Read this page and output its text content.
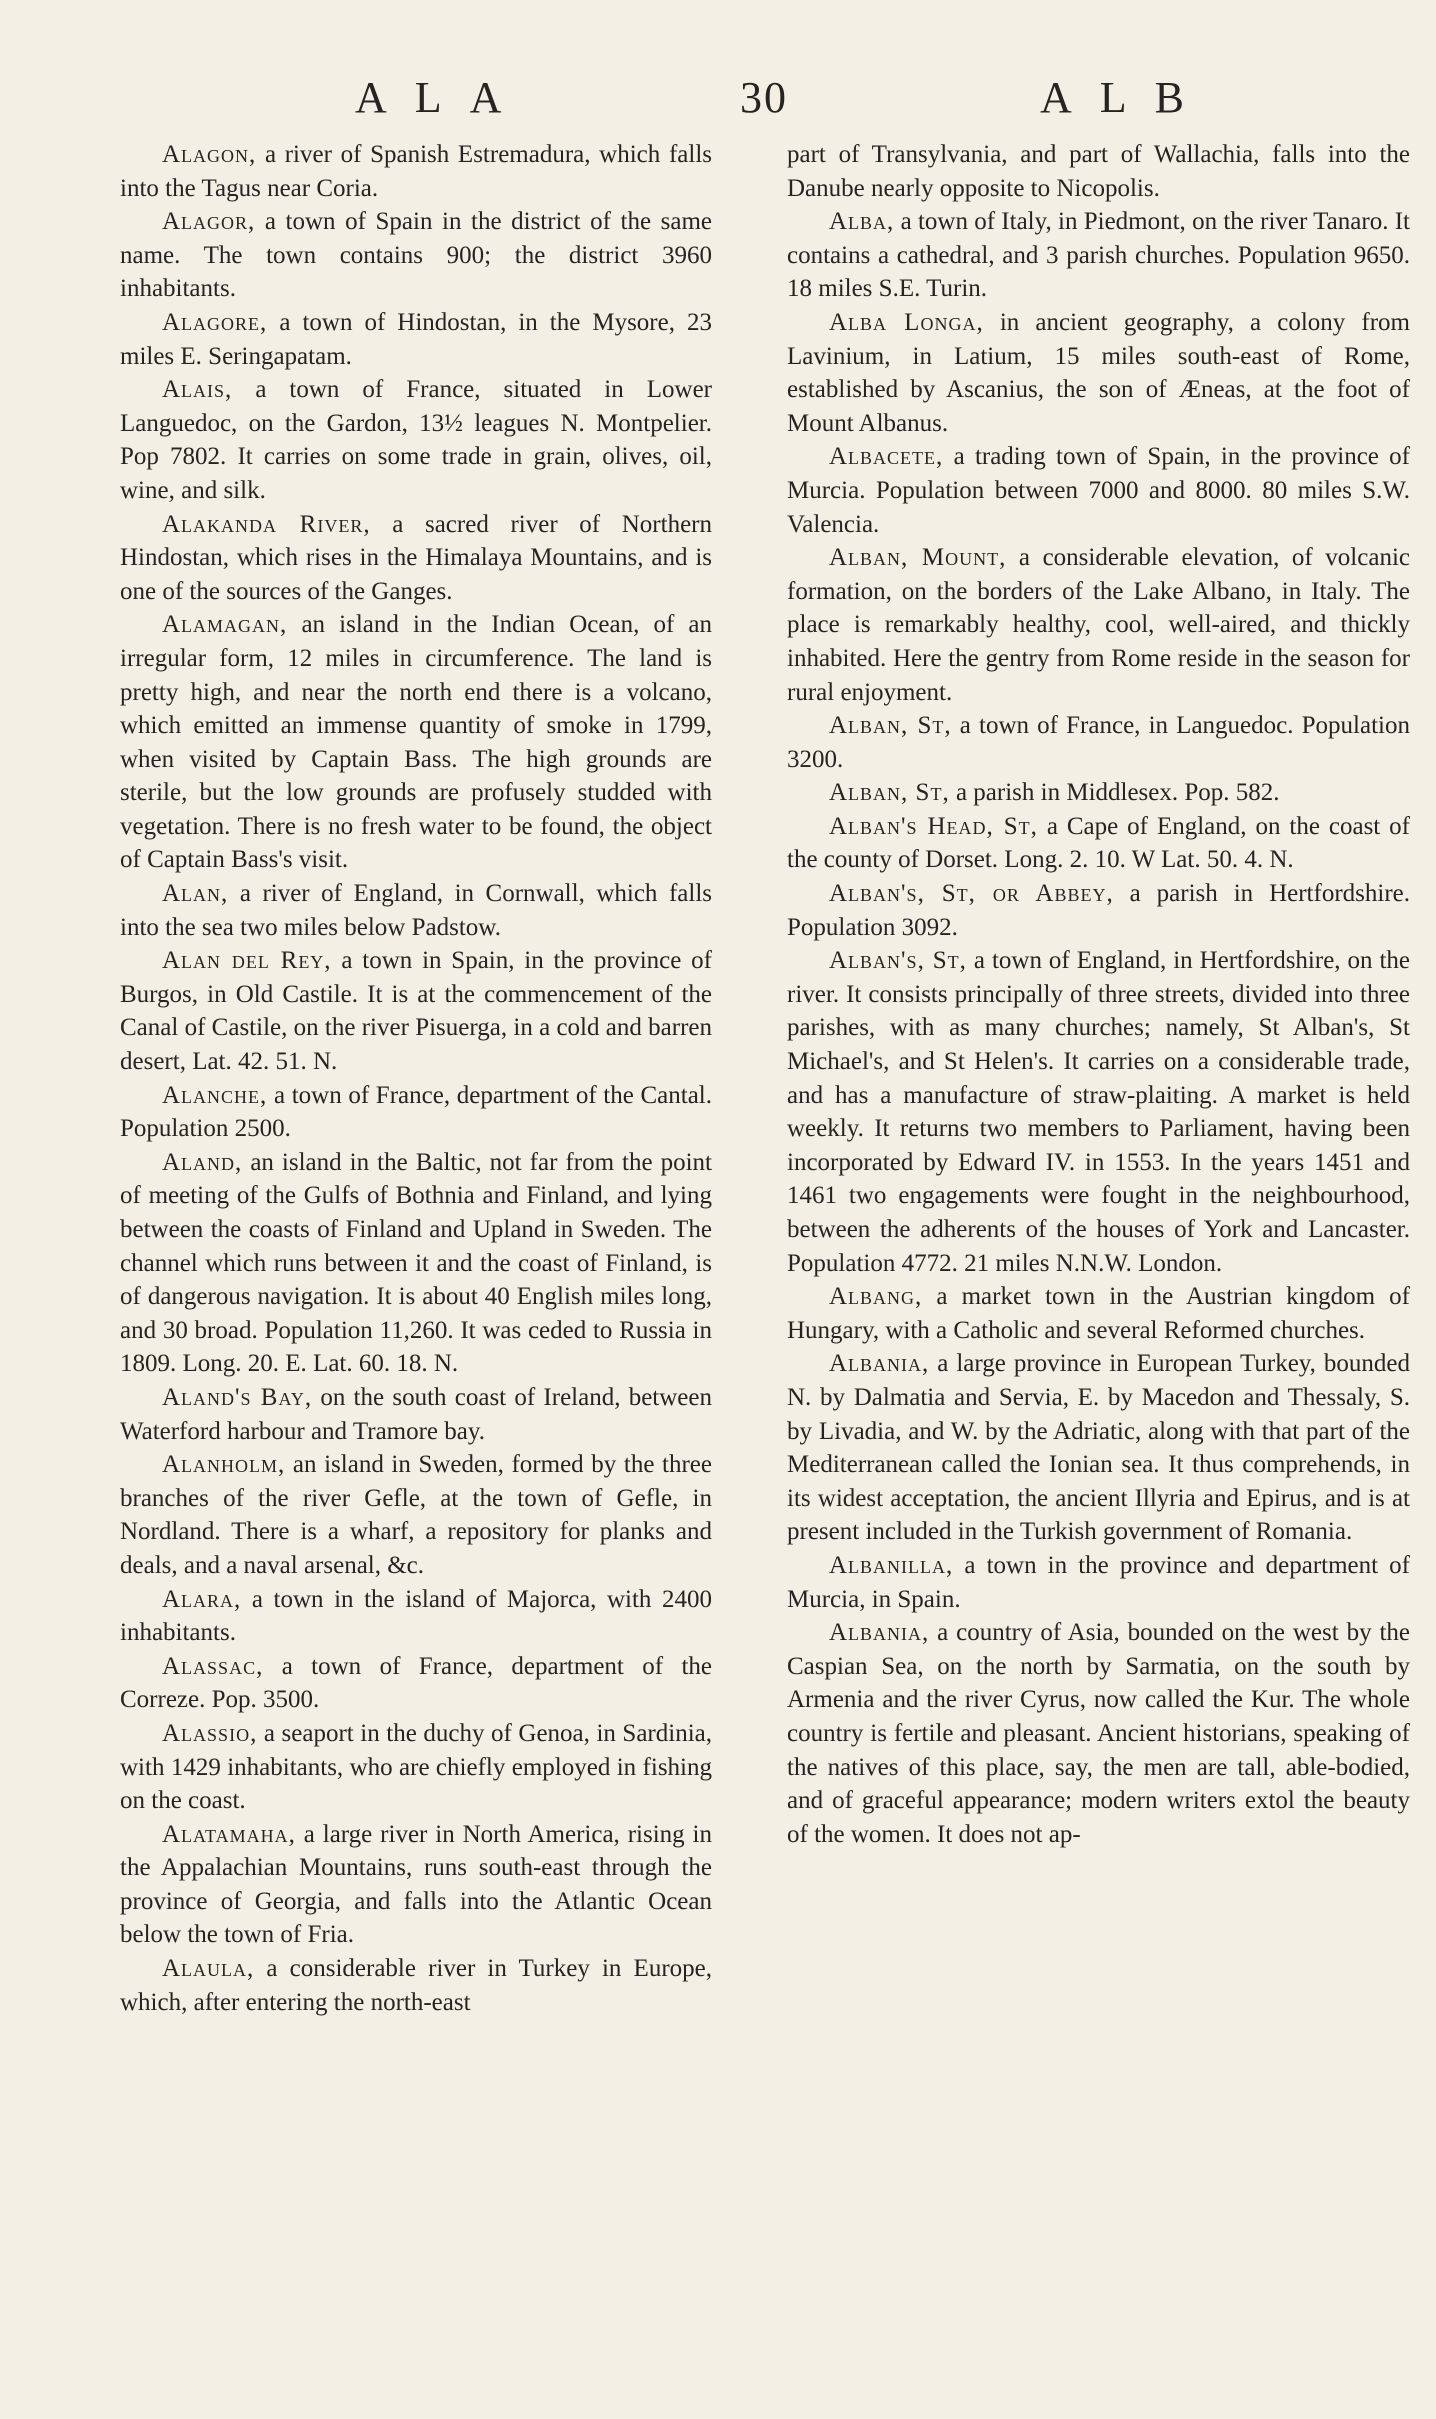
ALA	30	ALB

Alagon, a river of Spanish Estremadura, which falls into the Tagus near Coria.

Alagor, a town of Spain in the district of the same name. The town contains 900; the district 3960 inhabitants.

Alagore, a town of Hindostan, in the Mysore, 23 miles E. Seringapatam.

Alais, a town of France, situated in Lower Languedoc, on the Gardon, 13½ leagues N. Montpelier. Pop 7802. It carries on some trade in grain, olives, oil, wine, and silk.

Alakanda River, a sacred river of Northern Hindostan, which rises in the Himalaya Mountains, and is one of the sources of the Ganges.

Alamagan, an island in the Indian Ocean, of an irregular form, 12 miles in circumference. The land is pretty high, and near the north end there is a volcano, which emitted an immense quantity of smoke in 1799, when visited by Captain Bass. The high grounds are sterile, but the low grounds are profusely studded with vegetation. There is no fresh water to be found, the object of Captain Bass's visit.

Alan, a river of England, in Cornwall, which falls into the sea two miles below Padstow.

Alan del Rey, a town in Spain, in the province of Burgos, in Old Castile. It is at the commencement of the Canal of Castile, on the river Pisuerga, in a cold and barren desert, Lat. 42. 51. N.

Alanche, a town of France, department of the Cantal. Population 2500.

Aland, an island in the Baltic, not far from the point of meeting of the Gulfs of Bothnia and Finland, and lying between the coasts of Finland and Upland in Sweden. The channel which runs between it and the coast of Finland, is of dangerous navigation. It is about 40 English miles long, and 30 broad. Population 11,260. It was ceded to Russia in 1809. Long. 20. E. Lat. 60. 18. N.

Aland's Bay, on the south coast of Ireland, between Waterford harbour and Tramore bay.

Alanholm, an island in Sweden, formed by the three branches of the river Gefle, at the town of Gefle, in Nordland. There is a wharf, a repository for planks and deals, and a naval arsenal, &c.

Alara, a town in the island of Majorca, with 2400 inhabitants.

Alassac, a town of France, department of the Correze. Pop. 3500.

Alassio, a seaport in the duchy of Genoa, in Sardinia, with 1429 inhabitants, who are chiefly employed in fishing on the coast.

Alatamaha, a large river in North America, rising in the Appalachian Mountains, runs south-east through the province of Georgia, and falls into the Atlantic Ocean below the town of Fria.

Alaula, a considerable river in Turkey in Europe, which, after entering the north-east

part of Transylvania, and part of Wallachia, falls into the Danube nearly opposite to Nicopolis.

Alba, a town of Italy, in Piedmont, on the river Tanaro. It contains a cathedral, and 3 parish churches. Population 9650. 18 miles S.E. Turin.

Alba Longa, in ancient geography, a colony from Lavinium, in Latium, 15 miles south-east of Rome, established by Ascanius, the son of Æneas, at the foot of Mount Albanus.

Albacete, a trading town of Spain, in the province of Murcia. Population between 7000 and 8000. 80 miles S.W. Valencia.

Alban, Mount, a considerable elevation, of volcanic formation, on the borders of the Lake Albano, in Italy. The place is remarkably healthy, cool, well-aired, and thickly inhabited. Here the gentry from Rome reside in the season for rural enjoyment.

Alban, St, a town of France, in Languedoc. Population 3200.

Alban, St, a parish in Middlesex. Pop. 582.

Alban's Head, St, a Cape of England, on the coast of the county of Dorset. Long. 2. 10. W Lat. 50. 4. N.

Alban's, St, or Abbey, a parish in Hertfordshire. Population 3092.

Alban's, St, a town of England, in Hertfordshire, on the river. It consists principally of three streets, divided into three parishes, with as many churches; namely, St Alban's, St Michael's, and St Helen's. It carries on a considerable trade, and has a manufacture of straw-plaiting. A market is held weekly. It returns two members to Parliament, having been incorporated by Edward IV. in 1553. In the years 1451 and 1461 two engagements were fought in the neighbourhood, between the adherents of the houses of York and Lancaster. Population 4772. 21 miles N.N.W. London.

Albang, a market town in the Austrian kingdom of Hungary, with a Catholic and several Reformed churches.

Albania, a large province in European Turkey, bounded N. by Dalmatia and Servia, E. by Macedon and Thessaly, S. by Livadia, and W. by the Adriatic, along with that part of the Mediterranean called the Ionian sea. It thus comprehends, in its widest acceptation, the ancient Illyria and Epirus, and is at present included in the Turkish government of Romania.

Albanilla, a town in the province and department of Murcia, in Spain.

Albania, a country of Asia, bounded on the west by the Caspian Sea, on the north by Sarmatia, on the south by Armenia and the river Cyrus, now called the Kur. The whole country is fertile and pleasant. Ancient historians, speaking of the natives of this place, say, the men are tall, able-bodied, and of graceful appearance; modern writers extol the beauty of the women. It does not ap-
